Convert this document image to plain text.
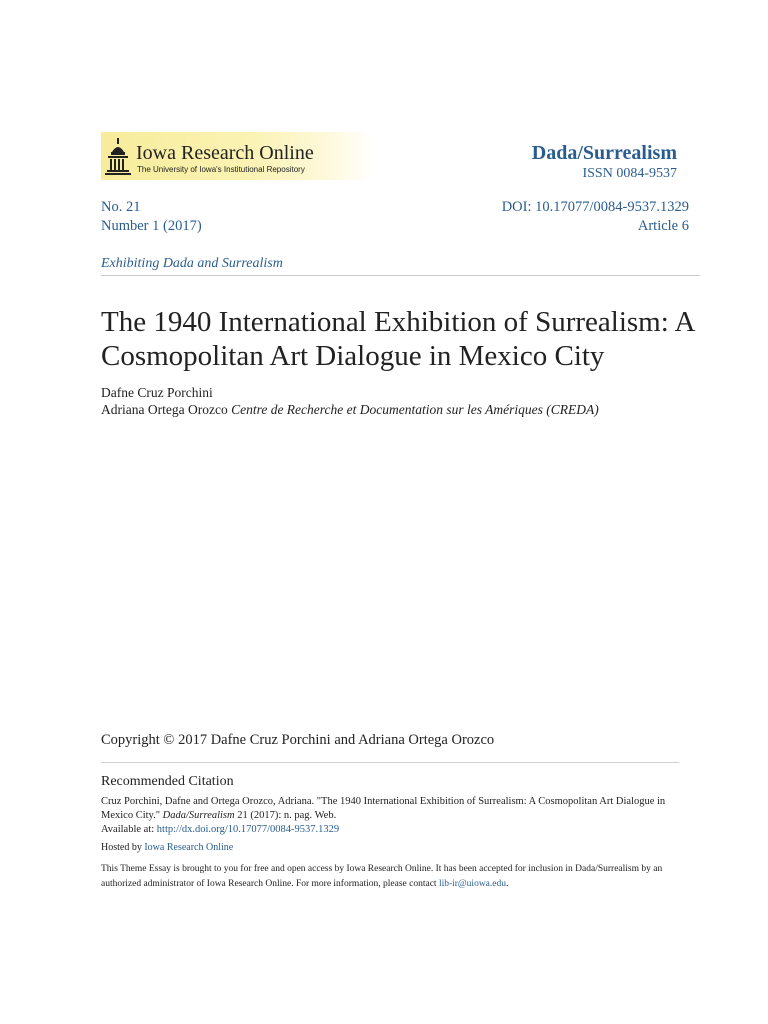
Iowa Research Online
The University of Iowa's Institutional Repository
Dada/Surrealism
ISSN 0084-9537
No. 21
Number 1 (2017)
DOI: 10.17077/0084-9537.1329
Article 6
Exhibiting Dada and Surrealism
The 1940 International Exhibition of Surrealism: A Cosmopolitan Art Dialogue in Mexico City
Dafne Cruz Porchini
Adriana Ortega Orozco Centre de Recherche et Documentation sur les Amériques (CREDA)
Copyright © 2017 Dafne Cruz Porchini and Adriana Ortega Orozco
Recommended Citation
Cruz Porchini, Dafne and Ortega Orozco, Adriana. "The 1940 International Exhibition of Surrealism: A Cosmopolitan Art Dialogue in Mexico City." Dada/Surrealism 21 (2017): n. pag. Web.
Available at: http://dx.doi.org/10.17077/0084-9537.1329
Hosted by Iowa Research Online
This Theme Essay is brought to you for free and open access by Iowa Research Online. It has been accepted for inclusion in Dada/Surrealism by an authorized administrator of Iowa Research Online. For more information, please contact lib-ir@uiowa.edu.
